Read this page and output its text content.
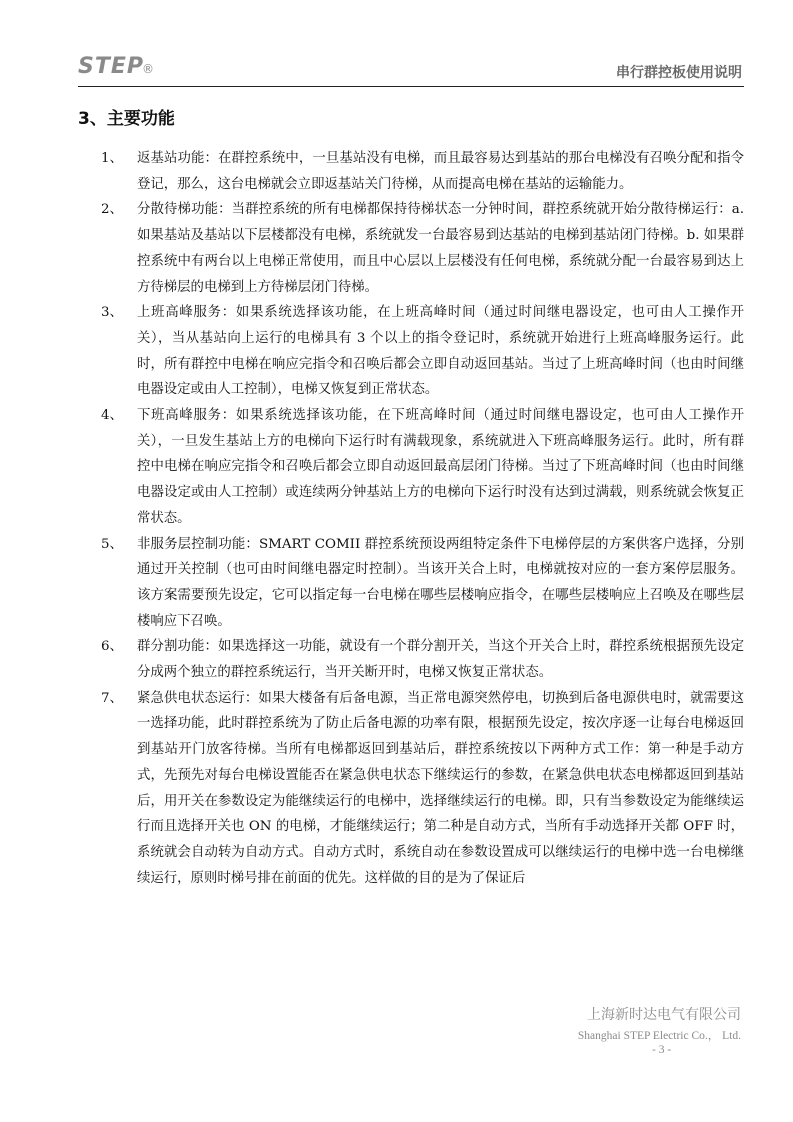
STEP
®	串行群控板使用说明
3、主要功能
1、 返基站功能：在群控系统中，一旦基站没有电梯，而且最容易达到基站的那台电梯没有召唤分配和指令登记，那么，这台电梯就会立即返基站关门待梯，从而提高电梯在基站的运输能力。
2、 分散待梯功能：当群控系统的所有电梯都保持待梯状态一分钟时间，群控系统就开始分散待梯运行：a. 如果基站及基站以下层楼都没有电梯，系统就发一台最容易到达基站的电梯到基站闭门待梯。b. 如果群控系统中有两台以上电梯正常使用，而且中心层以上层楼没有任何电梯，系统就分配一台最容易到达上方待梯层的电梯到上方待梯层闭门待梯。
3、 上班高峰服务：如果系统选择该功能，在上班高峰时间（通过时间继电器设定，也可由人工操作开关），当从基站向上运行的电梯具有 3 个以上的指令登记时，系统就开始进行上班高峰服务运行。此时，所有群控中电梯在响应完指令和召唤后都会立即自动返回基站。当过了上班高峰时间（也由时间继电器设定或由人工控制），电梯又恢复到正常状态。
4、 下班高峰服务：如果系统选择该功能，在下班高峰时间（通过时间继电器设定，也可由人工操作开关），一旦发生基站上方的电梯向下运行时有满载现象，系统就进入下班高峰服务运行。此时，所有群控中电梯在响应完指令和召唤后都会立即自动返回最高层闭门待梯。当过了下班高峰时间（也由时间继电器设定或由人工控制）或连续两分钟基站上方的电梯向下运行时没有达到过满载，则系统就会恢复正常状态。
5、 非服务层控制功能：SMART COMII 群控系统预设两组特定条件下电梯停层的方案供客户选择，分别通过开关控制（也可由时间继电器定时控制）。当该开关合上时，电梯就按对应的一套方案停层服务。该方案需要预先设定，它可以指定每一台电梯在哪些层楼响应指令，在哪些层楼响应上召唤及在哪些层楼响应下召唤。
6、 群分割功能：如果选择这一功能，就设有一个群分割开关，当这个开关合上时，群控系统根据预先设定分成两个独立的群控系统运行，当开关断开时，电梯又恢复正常状态。
7、 紧急供电状态运行：如果大楼备有后备电源，当正常电源突然停电，切换到后备电源供电时，就需要这一选择功能，此时群控系统为了防止后备电源的功率有限，根据预先设定，按次序逐一让每台电梯返回到基站开门放客待梯。当所有电梯都返回到基站后，群控系统按以下两种方式工作：第一种是手动方式，先预先对每台电梯设置能否在紧急供电状态下继续运行的参数，在紧急供电状态电梯都返回到基站后，用开关在参数设定为能继续运行的电梯中，选择继续运行的电梯。即，只有当参数设定为能继续运行而且选择开关也 ON 的电梯，才能继续运行；第二种是自动方式，当所有手动选择开关都 OFF 时，系统就会自动转为自动方式。自动方式时，系统自动在参数设置成可以继续运行的电梯中选一台电梯继续运行，原则时梯号排在前面的优先。这样做的目的是为了保证后
上海新时达电气有限公司
Shanghai STEP Electric Co.， Ltd.
- 3 -
